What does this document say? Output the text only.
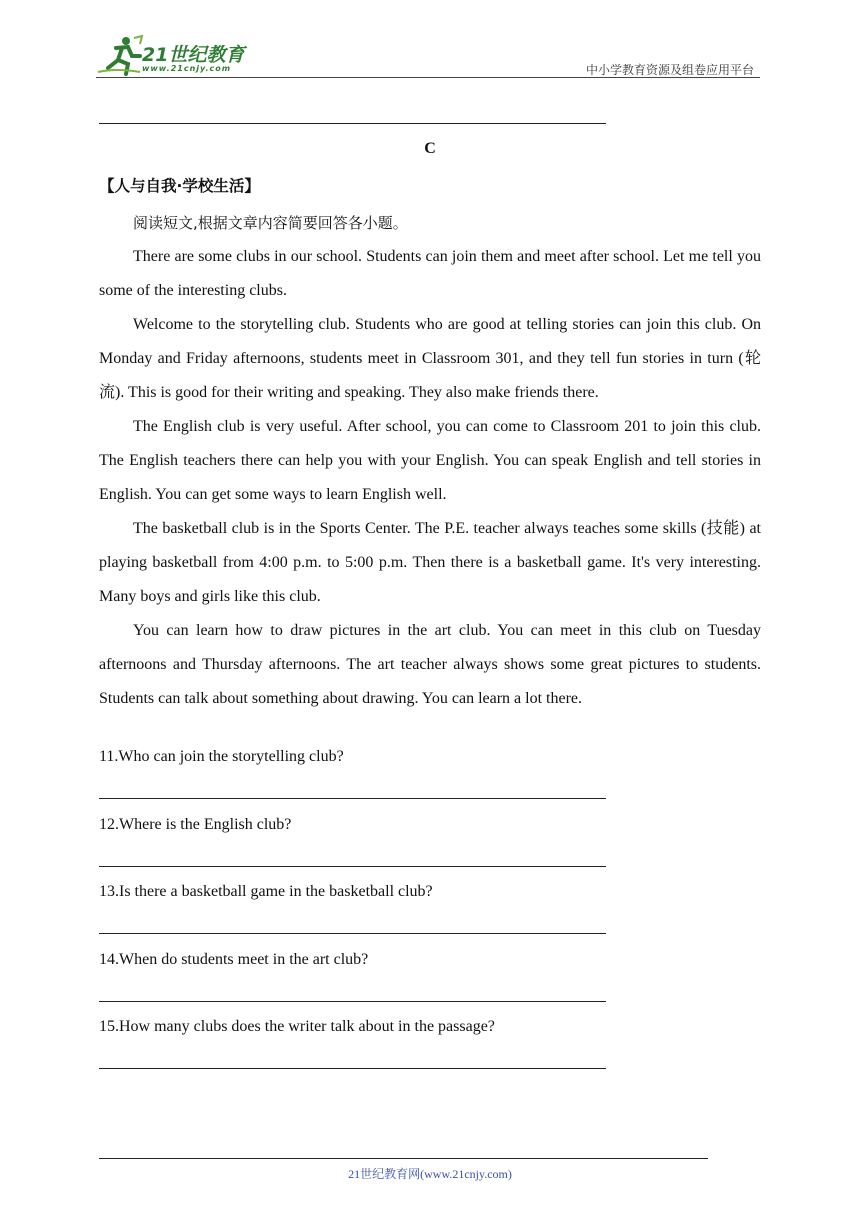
21世纪教育
www.21cnjy.com	中小学教育资源及组卷应用平台
C
【人与自我·学校生活】

阅读短文,根据文章内容简要回答各小题。

There are some clubs in our school. Students can join them and meet after school. Let me tell you some of the interesting clubs.

Welcome to the storytelling club. Students who are good at telling stories can join this club. On Monday and Friday afternoons, students meet in Classroom 301, and they tell fun stories in turn (轮流). This is good for their writing and speaking. They also make friends there.

The English club is very useful. After school, you can come to Classroom 201 to join this club. The English teachers there can help you with your English. You can speak English and tell stories in English. You can get some ways to learn English well.

The basketball club is in the Sports Center. The P.E. teacher always teaches some skills (技能) at playing basketball from 4:00 p.m. to 5:00 p.m. Then there is a basketball game. It's very interesting. Many boys and girls like this club.

You can learn how to draw pictures in the art club. You can meet in this club on Tuesday afternoons and Thursday afternoons. The art teacher always shows some great pictures to students. Students can talk about something about drawing. You can learn a lot there.

11.Who can join the storytelling club?
12.Where is the English club?
13.Is there a basketball game in the basketball club?
14.When do students meet in the art club?
15.How many clubs does the writer talk about in the passage?
21世纪教育网(www.21cnjy.com)
